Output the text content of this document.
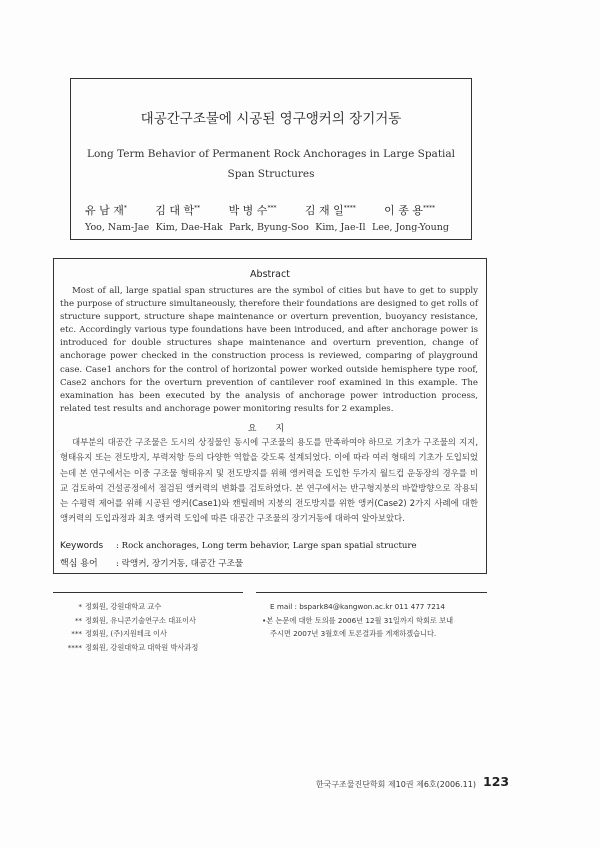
대공간구조물에 시공된 영구앵커의 장기거동
Long Term Behavior of Permanent Rock Anchorages in Large Spatial Span Structures
유 남 재*	김 대 학**	박 병 수***	김 재 일****	이 종 용****
Yoo, Nam-Jae Kim, Dae-Hak Park, Byung-Soo Kim, Jae-Il Lee, Jong-Young
Abstract
Most of all, large spatial span structures are the symbol of cities but have to get to supply the purpose of structure simultaneously, therefore their foundations are designed to get rolls of structure support, structure shape maintenance or overturn prevention, buoyancy resistance, etc. Accordingly various type foundations have been introduced, and after anchorage power is introduced for double structures shape maintenance and overturn prevention, change of anchorage power checked in the construction process is reviewed, comparing of playground case. Case1 anchors for the control of horizontal power worked outside hemisphere type roof, Case2 anchors for the overturn prevention of cantilever roof examined in this example. The examination has been executed by the analysis of anchorage power introduction process, related test results and anchorage power monitoring results for 2 examples.
요 지
대부분의 대공간 구조물은 도시의 상징물인 동시에 구조물의 용도를 만족하여야 하므로 기초가 구조물의 지지, 형태유지 또는 전도방지, 부력저항 등의 다양한 역할을 갖도록 설계되었다. 이에 따라 여러 형태의 기초가 도입되었는데 본 연구에서는 이중 구조물 형태유지 및 전도방지를 위해 앵커력을 도입한 두가지 월드컵 운동장의 경우를 비교 검토하여 건설공정에서 점검된 앵커력의 변화를 검토하였다. 본 연구에서는 반구형지붕의 바깥방향으로 작용되는 수평력 제어를 위해 시공된 앵커(Case1)와 캔틸레버 지붕의 전도방지를 위한 앵커(Case2) 2가지 사례에 대한 앵커력의 도입과정과 최초 앵커력 도입에 따른 대공간 구조물의 장기거동에 대하여 알아보았다.
Keywords : Rock anchorages, Long term behavior, Large span spatial structure
핵심 용어 : 락앵커, 장기거동, 대공간 구조물
* 정회원, 강원대학교 교수
** 정회원, 유니콘기술연구소 대표이사
*** 정회원, (주)지원테크 이사
**** 정회원, 강원대학교 대학원 박사과정
E mail : bspark84@kangwon.ac.kr 011 477 7214
•본 논문에 대한 토의를 2006년 12월 31일까지 학회로 보내
주시면 2007년 3월호에 토론결과를 게재하겠습니다.
한국구조물진단학회 제10권 제6호(2006.11) 123
